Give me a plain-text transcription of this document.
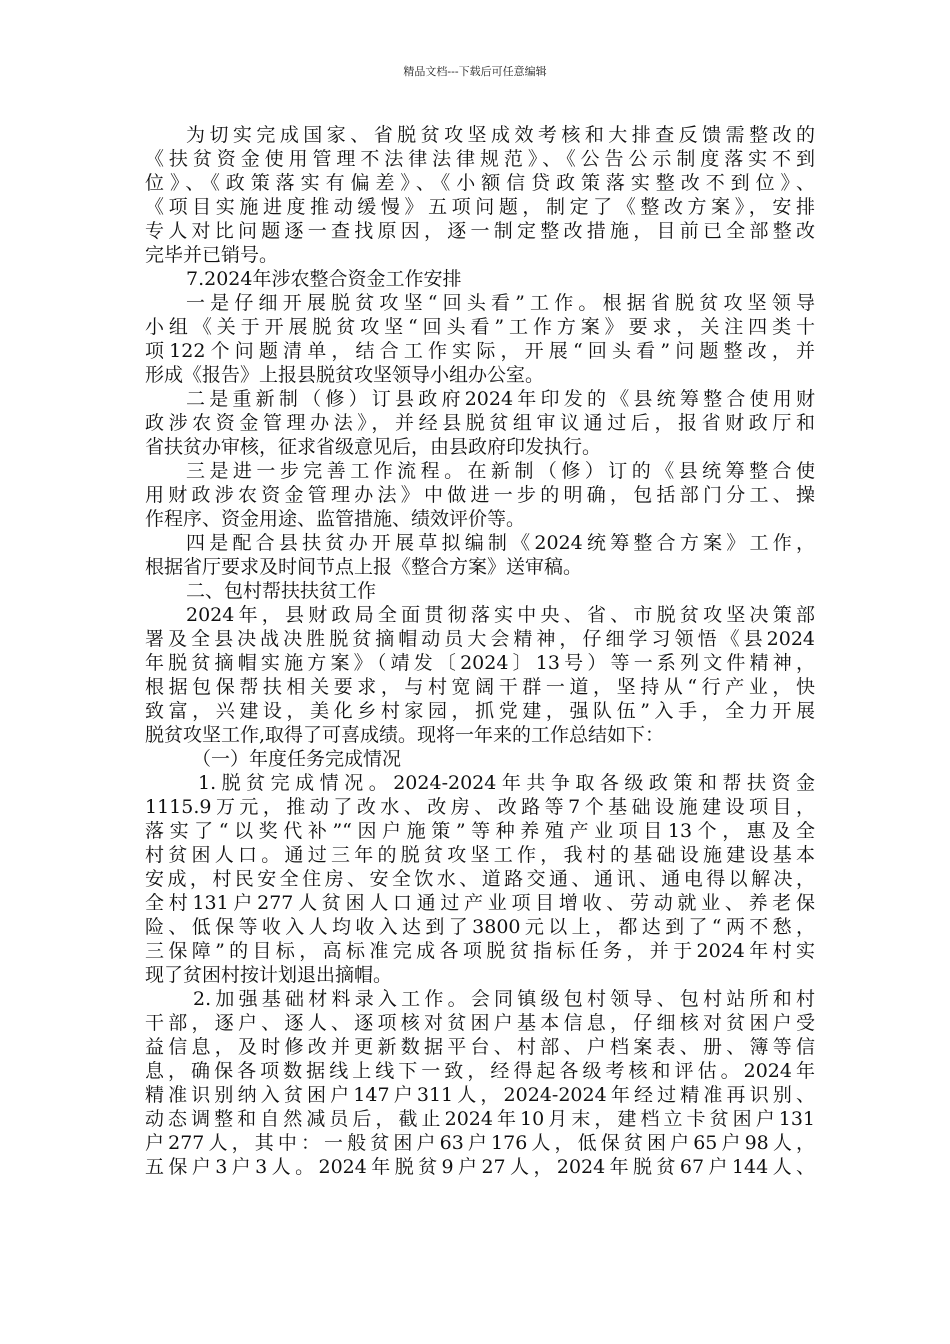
精品文档---下载后可任意编辑
为切实完成国家、省脱贫攻坚成效考核和大排查反馈需整改的
《扶贫资金使用管理不法律法律规范》、《公告公示制度落实不到
位》、《政策落实有偏差》、《小额信贷政策落实整改不到位》、
《项目实施进度推动缓慢》五项问题，制定了《整改方案》，安排
专人对比问题逐一查找原因，逐一制定整改措施，目前已全部整改
完毕并已销号。
7.2024年涉农整合资金工作安排
一是仔细开展脱贫攻坚“回头看”工作。根据省脱贫攻坚领导
小组《关于开展脱贫攻坚“回头看”工作方案》要求，关注四类十
项122个问题清单，结合工作实际，开展“回头看”问题整改，并
形成《报告》上报县脱贫攻坚领导小组办公室。
二是重新制（修）订县政府2024年印发的《县统筹整合使用财
政涉农资金管理办法》，并经县脱贫组审议通过后，报省财政厅和
省扶贫办审核，征求省级意见后，由县政府印发执行。
三是进一步完善工作流程。在新制（修）订的《县统筹整合使
用财政涉农资金管理办法》中做进一步的明确，包括部门分工、操
作程序、资金用途、监管措施、绩效评价等。
四是配合县扶贫办开展草拟编制《2024统筹整合方案》工作，
根据省厅要求及时间节点上报《整合方案》送审稿。
二、包村帮扶扶贫工作
2024年，县财政局全面贯彻落实中央、省、市脱贫攻坚决策部
署及全县决战决胜脱贫摘帽动员大会精神，仔细学习领悟《县2024
年脱贫摘帽实施方案》（靖发〔2024〕13号）等一系列文件精神，
根据包保帮扶相关要求，与村宽阔干群一道，坚持从“行产业，快
致富，兴建设，美化乡村家园，抓党建，强队伍”入手，全力开展
脱贫攻坚工作,取得了可喜成绩。现将一年来的工作总结如下：
（一）年度任务完成情况
1.脱贫完成情况。2024-2024年共争取各级政策和帮扶资金
1115.9万元，推动了改水、改房、改路等7个基础设施建设项目，
落实了“以奖代补”“因户施策”等种养殖产业项目13个，惠及全
村贫困人口。通过三年的脱贫攻坚工作，我村的基础设施建设基本
安成，村民安全住房、安全饮水、道路交通、通讯、通电得以解决，
全村131户277人贫困人口通过产业项目增收、劳动就业、养老保
险、低保等收入人均收入达到了3800元以上，都达到了“两不愁，
三保障”的目标，高标准完成各项脱贫指标任务，并于2024年村实
现了贫困村按计划退出摘帽。
2.加强基础材料录入工作。会同镇级包村领导、包村站所和村
干部，逐户、逐人、逐项核对贫困户基本信息，仔细核对贫困户受
益信息，及时修改并更新数据平台、村部、户档案表、册、簿等信
息，确保各项数据线上线下一致，经得起各级考核和评估。2024年
精准识别纳入贫困户147户311人，2024-2024年经过精准再识别、
动态调整和自然减员后，截止2024年10月末，建档立卡贫困户131
户277人，其中：一般贫困户63户176人，低保贫困户65户98人，
五保户3户3人。2024年脱贫9户27人，2024年脱贫67户144人、
